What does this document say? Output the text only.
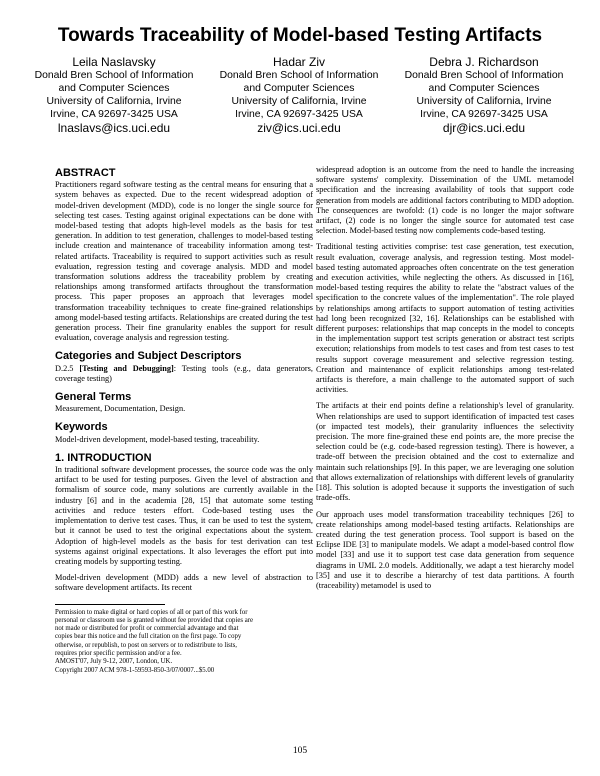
Towards Traceability of Model-based Testing Artifacts
Leila Naslavsky
Donald Bren School of Information
and Computer Sciences
University of California, Irvine
Irvine, CA 92697-3425 USA
lnaslavs@ics.uci.edu
Hadar Ziv
Donald Bren School of Information
and Computer Sciences
University of California, Irvine
Irvine, CA 92697-3425 USA
ziv@ics.uci.edu
Debra J. Richardson
Donald Bren School of Information
and Computer Sciences
University of California, Irvine
Irvine, CA 92697-3425 USA
djr@ics.uci.edu
ABSTRACT

Practitioners regard software testing as the central means for ensuring that a system behaves as expected. Due to the recent widespread adoption of model-driven development (MDD), code is no longer the single source for selecting test cases. Testing against original expectations can be done with model-based testing that adopts high-level models as the basis for test generation. In addition to test generation, challenges to model-based testing include creation and maintenance of traceability information among test-related artifacts. Traceability is required to support activities such as result evaluation, regression testing and coverage analysis. MDD and model transformation solutions address the traceability problem by creating relationships among transformed artifacts throughout the transformation process. This paper proposes an approach that leverages model transformation traceability techniques to create fine-grained relationships among model-based testing artifacts. Relationships are created during the test generation process. Their fine granularity enables the support for result evaluation, coverage analysis and regression testing.

Categories and Subject Descriptors

D.2.5 [Testing and Debugging]: Testing tools (e.g., data generators, coverage testing)

General Terms

Measurement, Documentation, Design.

Keywords

Model-driven development, model-based testing, traceability.

1. INTRODUCTION

In traditional software development processes, the source code was the only artifact to be used for testing purposes. Given the level of abstraction and formalism of source code, many solutions are currently available in the industry [6] and in the academia [28, 15] that automate some testing activities and reduce testers effort. Code-based testing uses the implementation to derive test cases. Thus, it can be used to test the system, but it cannot be used to test the original expectations about the system. Adoption of high-level models as the basis for test derivation can test systems against original expectations. It also leverages the effort put into creating models by supporting testing.

Model-driven development (MDD) adds a new level of abstraction to software development artifacts. Its recent

Permission to make digital or hard copies of all or part of this work for
personal or classroom use is granted without fee provided that copies are
not made or distributed for profit or commercial advantage and that
copies bear this notice and the full citation on the first page. To copy
otherwise, or republish, to post on servers or to redistribute to lists,
requires prior specific permission and/or a fee.
AMOST'07, July 9-12, 2007, London, UK.
Copyright 2007 ACM 978-1-59593-850-3/07/0007...$5.00

widespread adoption is an outcome from the need to handle the increasing software systems' complexity. Dissemination of the UML metamodel specification and the increasing availability of tools that support code generation from models are additional factors contributing to MDD adoption. The consequences are twofold: (1) code is no longer the major software artifact, (2) code is no longer the single source for automated test case selection. Model-based testing now complements code-based testing.

Traditional testing activities comprise: test case generation, test execution, result evaluation, coverage analysis, and regression testing. Most model-based testing automated approaches often concentrate on the test generation and execution activities, while neglecting the others. As discussed in [16], model-based testing requires the ability to relate the "abstract values of the specification to the concrete values of the implementation". The role played by relationships among artifacts to support automation of testing activities had long been recognized [32, 16]. Relationships can be established with different purposes: relationships that map concepts in the model to concepts in the implementation support test scripts generation or abstract test scripts execution; relationships from models to test cases and from test cases to test results support coverage measurement and selective regression testing. Creation and maintenance of explicit relationships among test-related artifacts is therefore, a main challenge to the automated support of such activities.

The artifacts at their end points define a relationship's level of granularity. When relationships are used to support identification of impacted test cases (or impacted test models), their granularity influences the selectivity precision. The more fine-grained these end points are, the more precise the selection could be (e.g. code-based regression testing). There is however, a trade-off between the precision obtained and the cost to externalize and maintain such relationships [9]. In this paper, we are leveraging one solution that allows externalization of relationships with different levels of granularity [18]. This solution is adopted because it supports the investigation of such trade-offs.

Our approach uses model transformation traceability techniques [26] to create relationships among model-based testing artifacts. Relationships are created during the test generation process. Tool support is based on the Eclipse IDE [3] to manipulate models. We adapt a model-based control flow model [33] and use it to support test case data generation from sequence diagrams in UML 2.0 models. Additionally, we adapt a test hierarchy model [35] and use it to describe a hierarchy of test data partitions. A fourth (traceability) metamodel is used to

105
